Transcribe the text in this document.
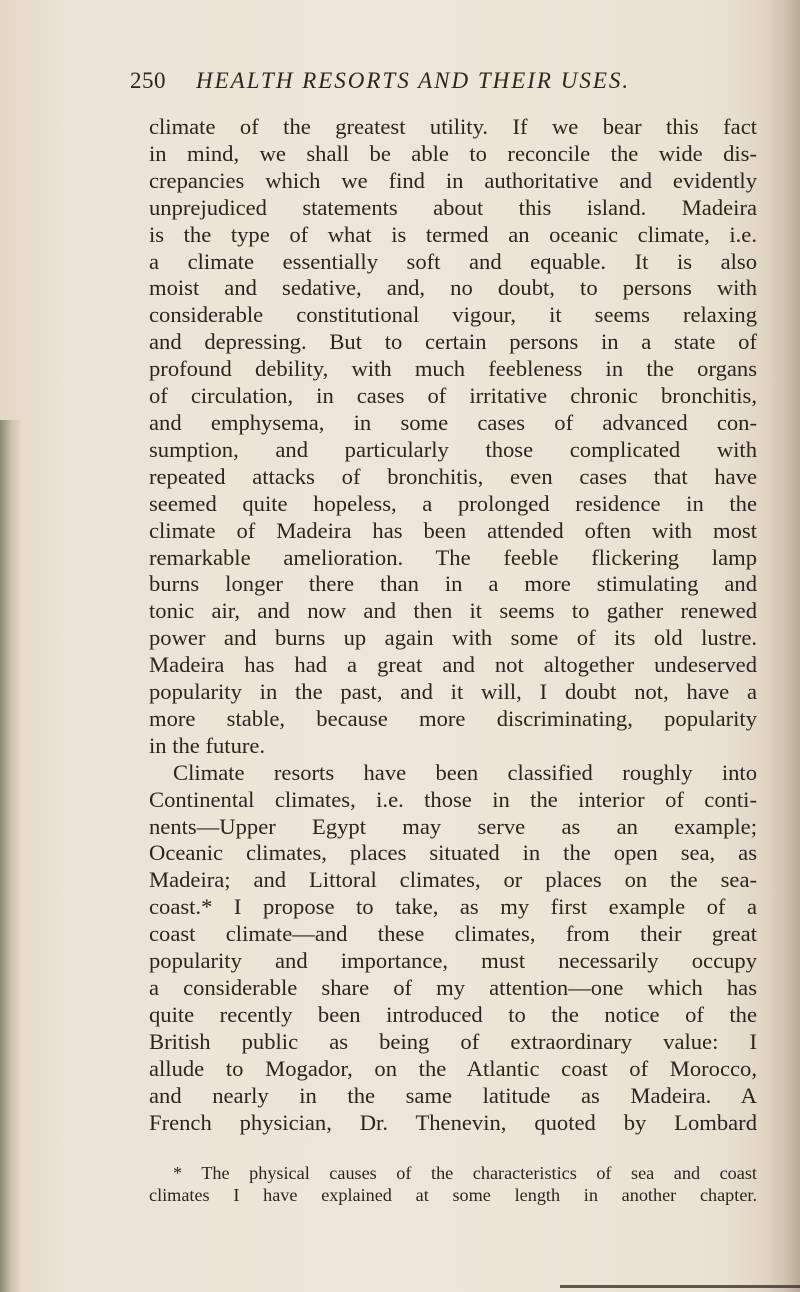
250 HEALTH RESORTS AND THEIR USES.
climate of the greatest utility. If we bear this fact
in mind, we shall be able to reconcile the wide dis-
crepancies which we find in authoritative and evidently
unprejudiced statements about this island. Madeira
is the type of what is termed an oceanic climate, i.e.
a climate essentially soft and equable. It is also
moist and sedative, and, no doubt, to persons with
considerable constitutional vigour, it seems relaxing
and depressing. But to certain persons in a state of
profound debility, with much feebleness in the organs
of circulation, in cases of irritative chronic bronchitis,
and emphysema, in some cases of advanced con-
sumption, and particularly those complicated with
repeated attacks of bronchitis, even cases that have
seemed quite hopeless, a prolonged residence in the
climate of Madeira has been attended often with most
remarkable amelioration. The feeble flickering lamp
burns longer there than in a more stimulating and
tonic air, and now and then it seems to gather renewed
power and burns up again with some of its old lustre.
Madeira has had a great and not altogether undeserved
popularity in the past, and it will, I doubt not, have a
more stable, because more discriminating, popularity
in the future.
Climate resorts have been classified roughly into
Continental climates, i.e. those in the interior of conti-
nents—Upper Egypt may serve as an example;
Oceanic climates, places situated in the open sea, as
Madeira; and Littoral climates, or places on the sea-
coast.* I propose to take, as my first example of a
coast climate—and these climates, from their great
popularity and importance, must necessarily occupy
a considerable share of my attention—one which has
quite recently been introduced to the notice of the
British public as being of extraordinary value: I
allude to Mogador, on the Atlantic coast of Morocco,
and nearly in the same latitude as Madeira. A
French physician, Dr. Thenevin, quoted by Lombard
* The physical causes of the characteristics of sea and coast
climates I have explained at some length in another chapter.
